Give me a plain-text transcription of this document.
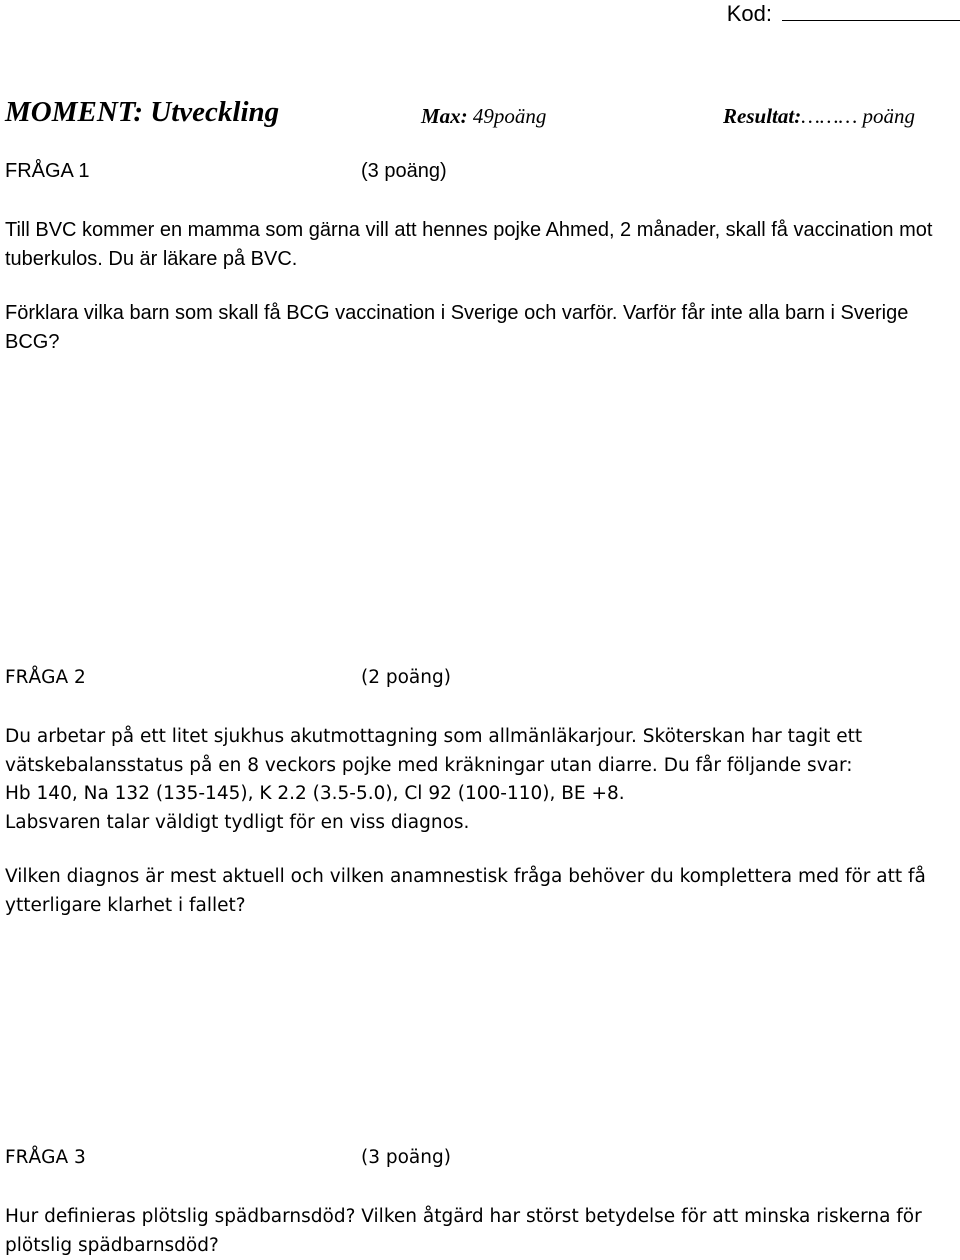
Kod:
MOMENT: Utveckling	Max: 49poäng	Resultat:……… poäng
FRÅGA 1	(3 poäng)

Till BVC kommer en mamma som gärna vill att hennes pojke Ahmed, 2 månader, skall få vaccination mot tuberkulos. Du är läkare på BVC.

Förklara vilka barn som skall få BCG vaccination i Sverige och varför. Varför får inte alla barn i Sverige BCG?

FRÅGA 2	(2 poäng)

Du arbetar på ett litet sjukhus akutmottagning som allmänläkarjour. Sköterskan har tagit ett vätskebalansstatus på en 8 veckors pojke med kräkningar utan diarre. Du får följande svar:

Hb 140, Na 132 (135-145), K 2.2 (3.5-5.0), Cl 92 (100-110), BE +8.

Labsvaren talar väldigt tydligt för en viss diagnos.

Vilken diagnos är mest aktuell och vilken anamnestisk fråga behöver du komplettera med för att få ytterligare klarhet i fallet?

FRÅGA 3	(3 poäng)

Hur definieras plötslig spädbarnsdöd? Vilken åtgärd har störst betydelse för att minska riskerna för plötslig spädbarnsdöd?
